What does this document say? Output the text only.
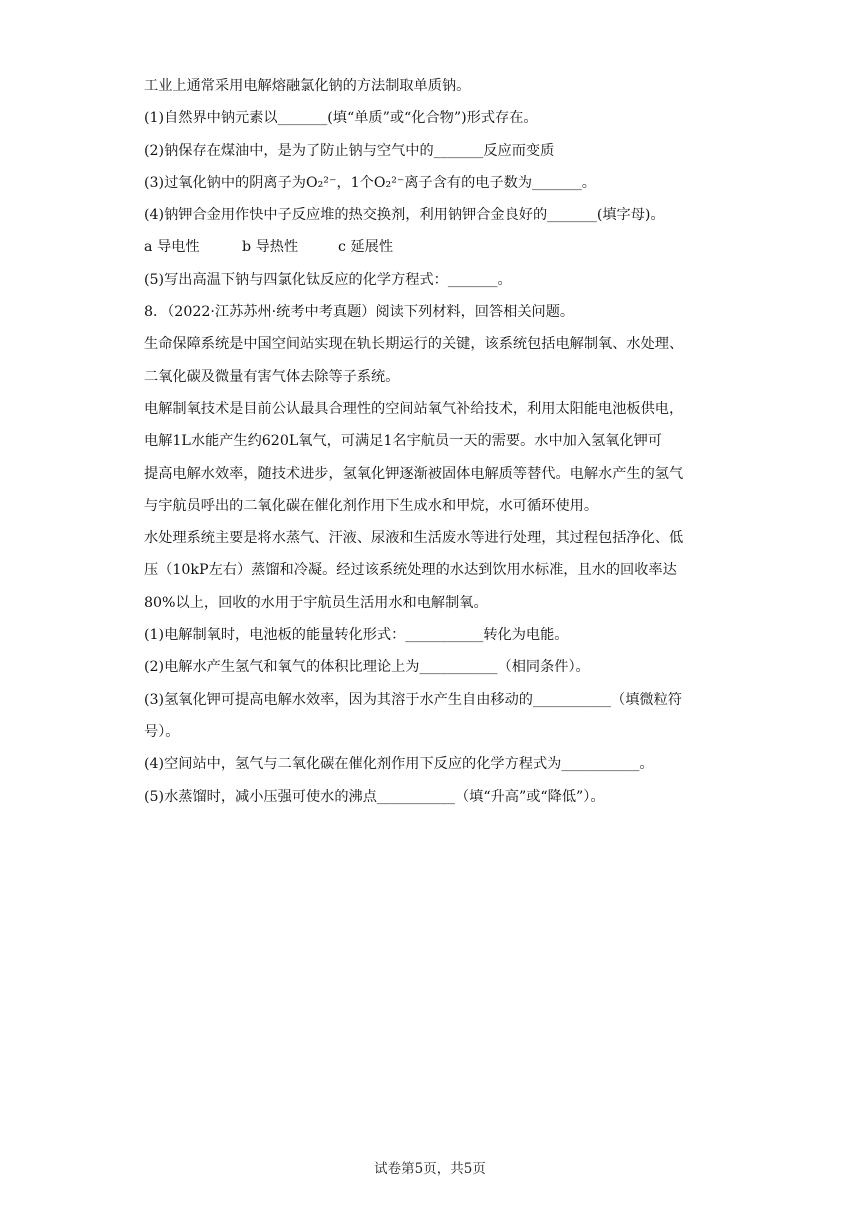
工业上通常采用电解熔融氯化钠的方法制取单质钠。
(1)自然界中钠元素以_______(填“单质”或“化合物”)形式存在。
(2)钠保存在煤油中，是为了防止钠与空气中的_______反应而变质
(3)过氧化钠中的阴离子为O₂²⁻，1个O₂²⁻离子含有的电子数为_______。
(4)钠钾合金用作快中子反应堆的热交换剂，利用钠钾合金良好的_______(填字母)。
a 导电性	b 导热性	c 延展性
(5)写出高温下钠与四氯化钛反应的化学方程式：_______。
8．（2022·江苏苏州·统考中考真题）阅读下列材料，回答相关问题。
生命保障系统是中国空间站实现在轨长期运行的关键，该系统包括电解制氧、水处理、
二氧化碳及微量有害气体去除等子系统。
电解制氧技术是目前公认最具合理性的空间站氧气补给技术，利用太阳能电池板供电，
电解1L水能产生约620L氧气，可满足1名宇航员一天的需要。水中加入氢氧化钾可
提高电解水效率，随技术进步，氢氧化钾逐渐被固体电解质等替代。电解水产生的氢气
与宇航员呼出的二氧化碳在催化剂作用下生成水和甲烷，水可循环使用。
水处理系统主要是将水蒸气、汗液、尿液和生活废水等进行处理，其过程包括净化、低
压（10kP左右）蒸馏和冷凝。经过该系统处理的水达到饮用水标准，且水的回收率达
80%以上，回收的水用于宇航员生活用水和电解制氧。
(1)电解制氧时，电池板的能量转化形式：___________转化为电能。
(2)电解水产生氢气和氧气的体积比理论上为___________（相同条件）。
(3)氢氧化钾可提高电解水效率，因为其溶于水产生自由移动的___________（填微粒符
号）。
(4)空间站中，氢气与二氧化碳在催化剂作用下反应的化学方程式为___________。
(5)水蒸馏时，减小压强可使水的沸点___________（填“升高”或“降低”）。
试卷第5页，共5页
